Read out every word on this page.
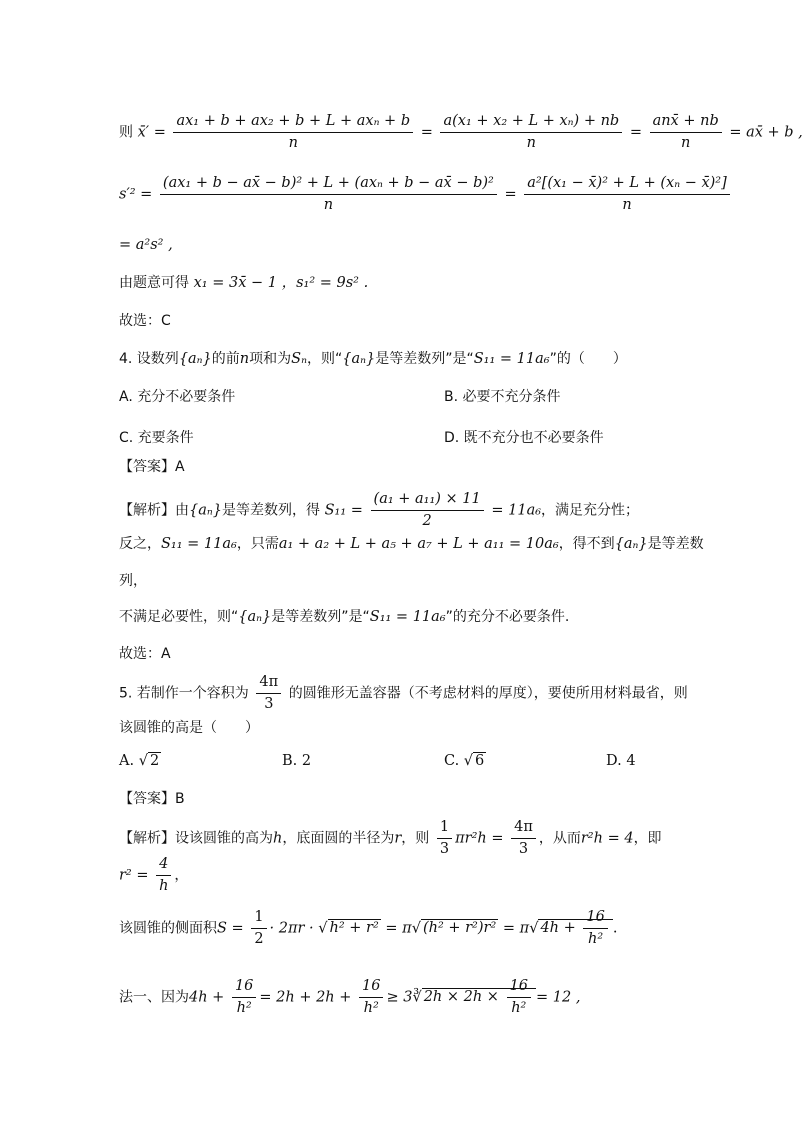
则 x̄′ = $\frac{\text{ax₁ + b + ax₂ + b + L + axₙ + b}}{n} = \frac{\text{a(x₁ + x₂ + L + xₙ) + nb}}{n} = \frac{\text{anx̄ + nb}}{n}$ = ax̄ + b ,
$s'^2 = \frac{\text{(ax₁ + b − ax̄ − b)² + L + (axₙ + b − ax̄ − b)²}}{n} = \frac{\text{a²[(x₁ − x̄)² + L + (xₙ − x̄)²]}}{n}$
= a²s² ,
由题意可得 x₁ = 3x̄ − 1 ，s₁² = 9s² .
故选：C
4. 设数列{aₙ}的前n项和为Sₙ，则“{aₙ}是等差数列”是“S₁₁ = 11a₆”的（　　）
A. 充分不必要条件	B. 必要不充分条件
C. 充要条件	D. 既不充分也不必要条件
【答案】A
【解析】由{aₙ}是等差数列，得 $S_{11} = \frac{\text{(a₁ + a₁₁) × 11}}{2} = 11a_6$，满足充分性；
反之，S₁₁ = 11a₆，只需a₁ + a₂ + L + a₅ + a₇ + L + a₁₁ = 10a₆，得不到{aₙ}是等差数
列，
不满足必要性，则“{aₙ}是等差数列”是“S₁₁ = 11a₆”的充分不必要条件.
故选：A
5. 若制作一个容积为 $\frac{4\pi}{3}$ 的圆锥形无盖容器（不考虑材料的厚度），要使所用材料最省，则
该圆锥的高是（　　）
A. √ 2	B. 2	C. √ 6	D. 4
【答案】B
【解析】设该圆锥的高为h，底面圆的半径为r，则 $\frac{1}{3} \pi r^2h = \frac{4\pi}{3}$ ，从而r²h = 4，即
$r^2 = \frac{4}{h}$ ，
该圆锥的侧面积$S = \frac{1}{2} \cdot 2\pi r$ · √ h² + r² = π√ (h² + r²)r² = π√ $4h + \frac{16}{\text{h²}}$ .
法一、因为$4h + \frac{16}{\text{h²}} = 2h + 2h + \frac{16}{\text{h²}}$ ≥ 3∛ $2h \times 2h \times \frac{16}{\text{h²}} = 12$ ,
